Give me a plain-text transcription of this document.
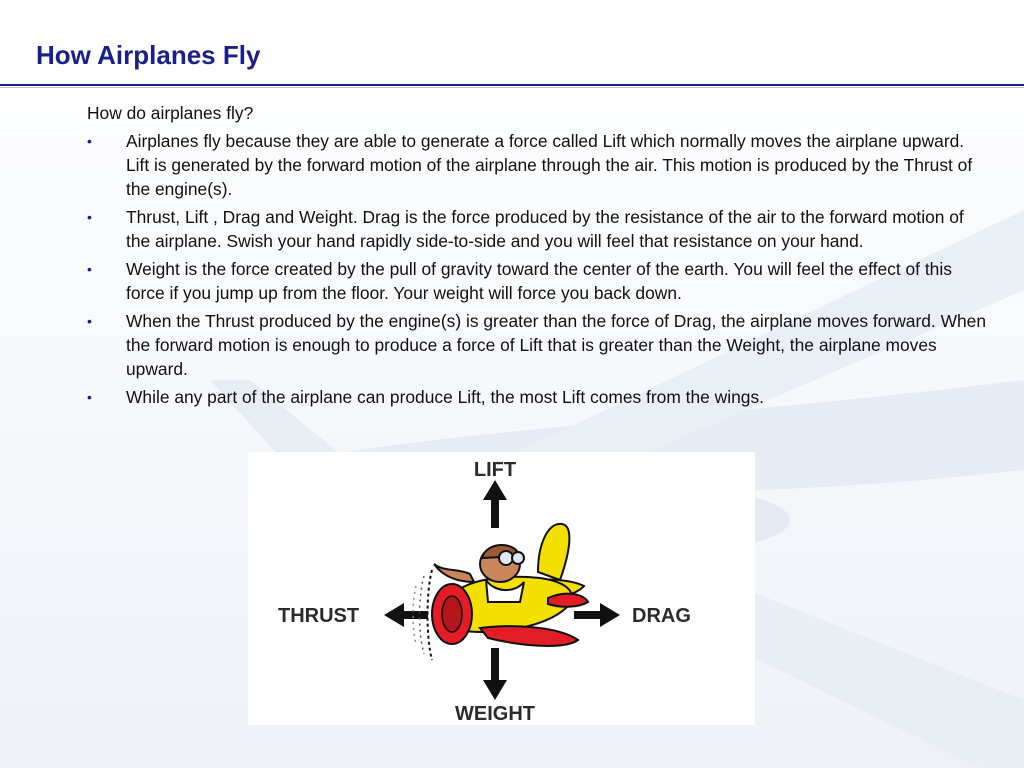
How Airplanes Fly

How do airplanes fly?

• Airplanes fly because they are able to generate a force called Lift which normally moves the airplane upward. Lift is generated by the forward motion of the airplane through the air. This motion is produced by the Thrust of the engine(s).
• Thrust, Lift , Drag and Weight. Drag is the force produced by the resistance of the air to the forward motion of the airplane. Swish your hand rapidly side-to-side and you will feel that resistance on your hand.
• Weight is the force created by the pull of gravity toward the center of the earth. You will feel the effect of this force if you jump up from the floor. Your weight will force you back down.
• When the Thrust produced by the engine(s) is greater than the force of Drag, the airplane moves forward. When the forward motion is enough to produce a force of Lift that is greater than the Weight, the airplane moves upward.
• While any part of the airplane can produce Lift, the most Lift comes from the wings.
LIFT
WEIGHT
THRUST	DRAG
